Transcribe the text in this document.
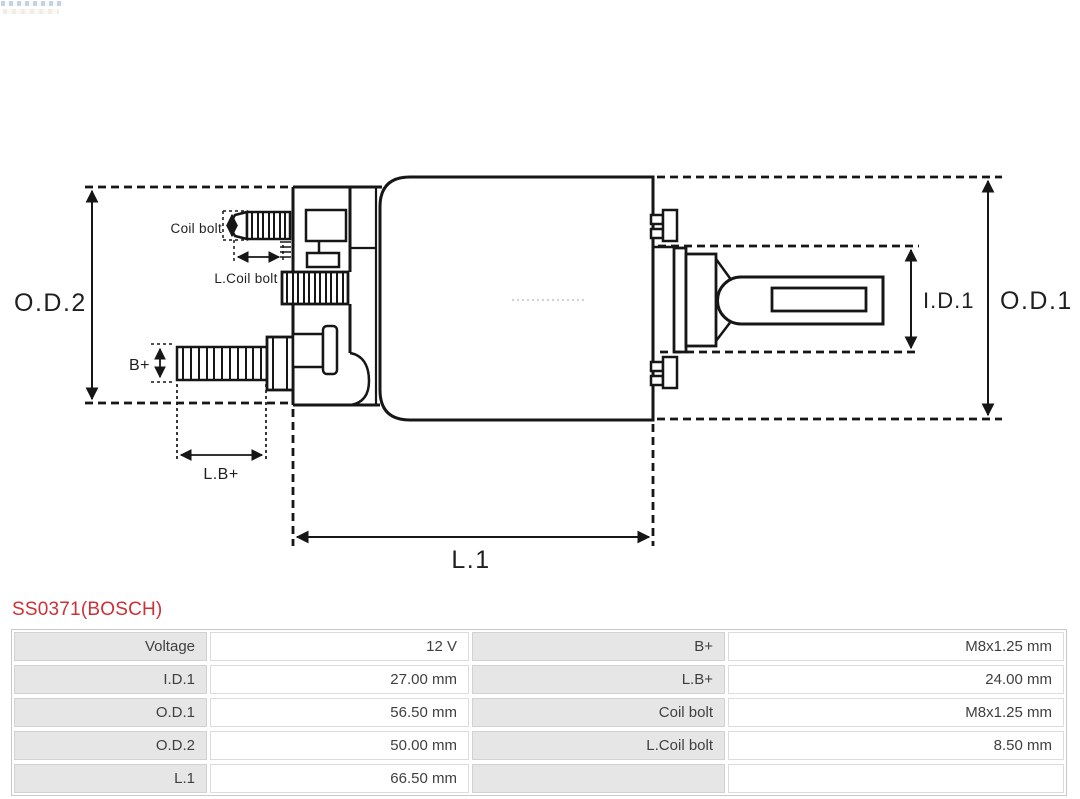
O.D.2	O.D.1
I.D.1
L.1
L.B+
B+
Coil bolt
L.Coil bolt
SS0371(BOSCH)
Voltage	12 V	B+	M8x1.25 mm
I.D.1	27.00 mm	L.B+	24.00 mm
O.D.1	56.50 mm	Coil bolt	M8x1.25 mm
O.D.2	50.00 mm	L.Coil bolt	8.50 mm
L.1	66.50 mm
